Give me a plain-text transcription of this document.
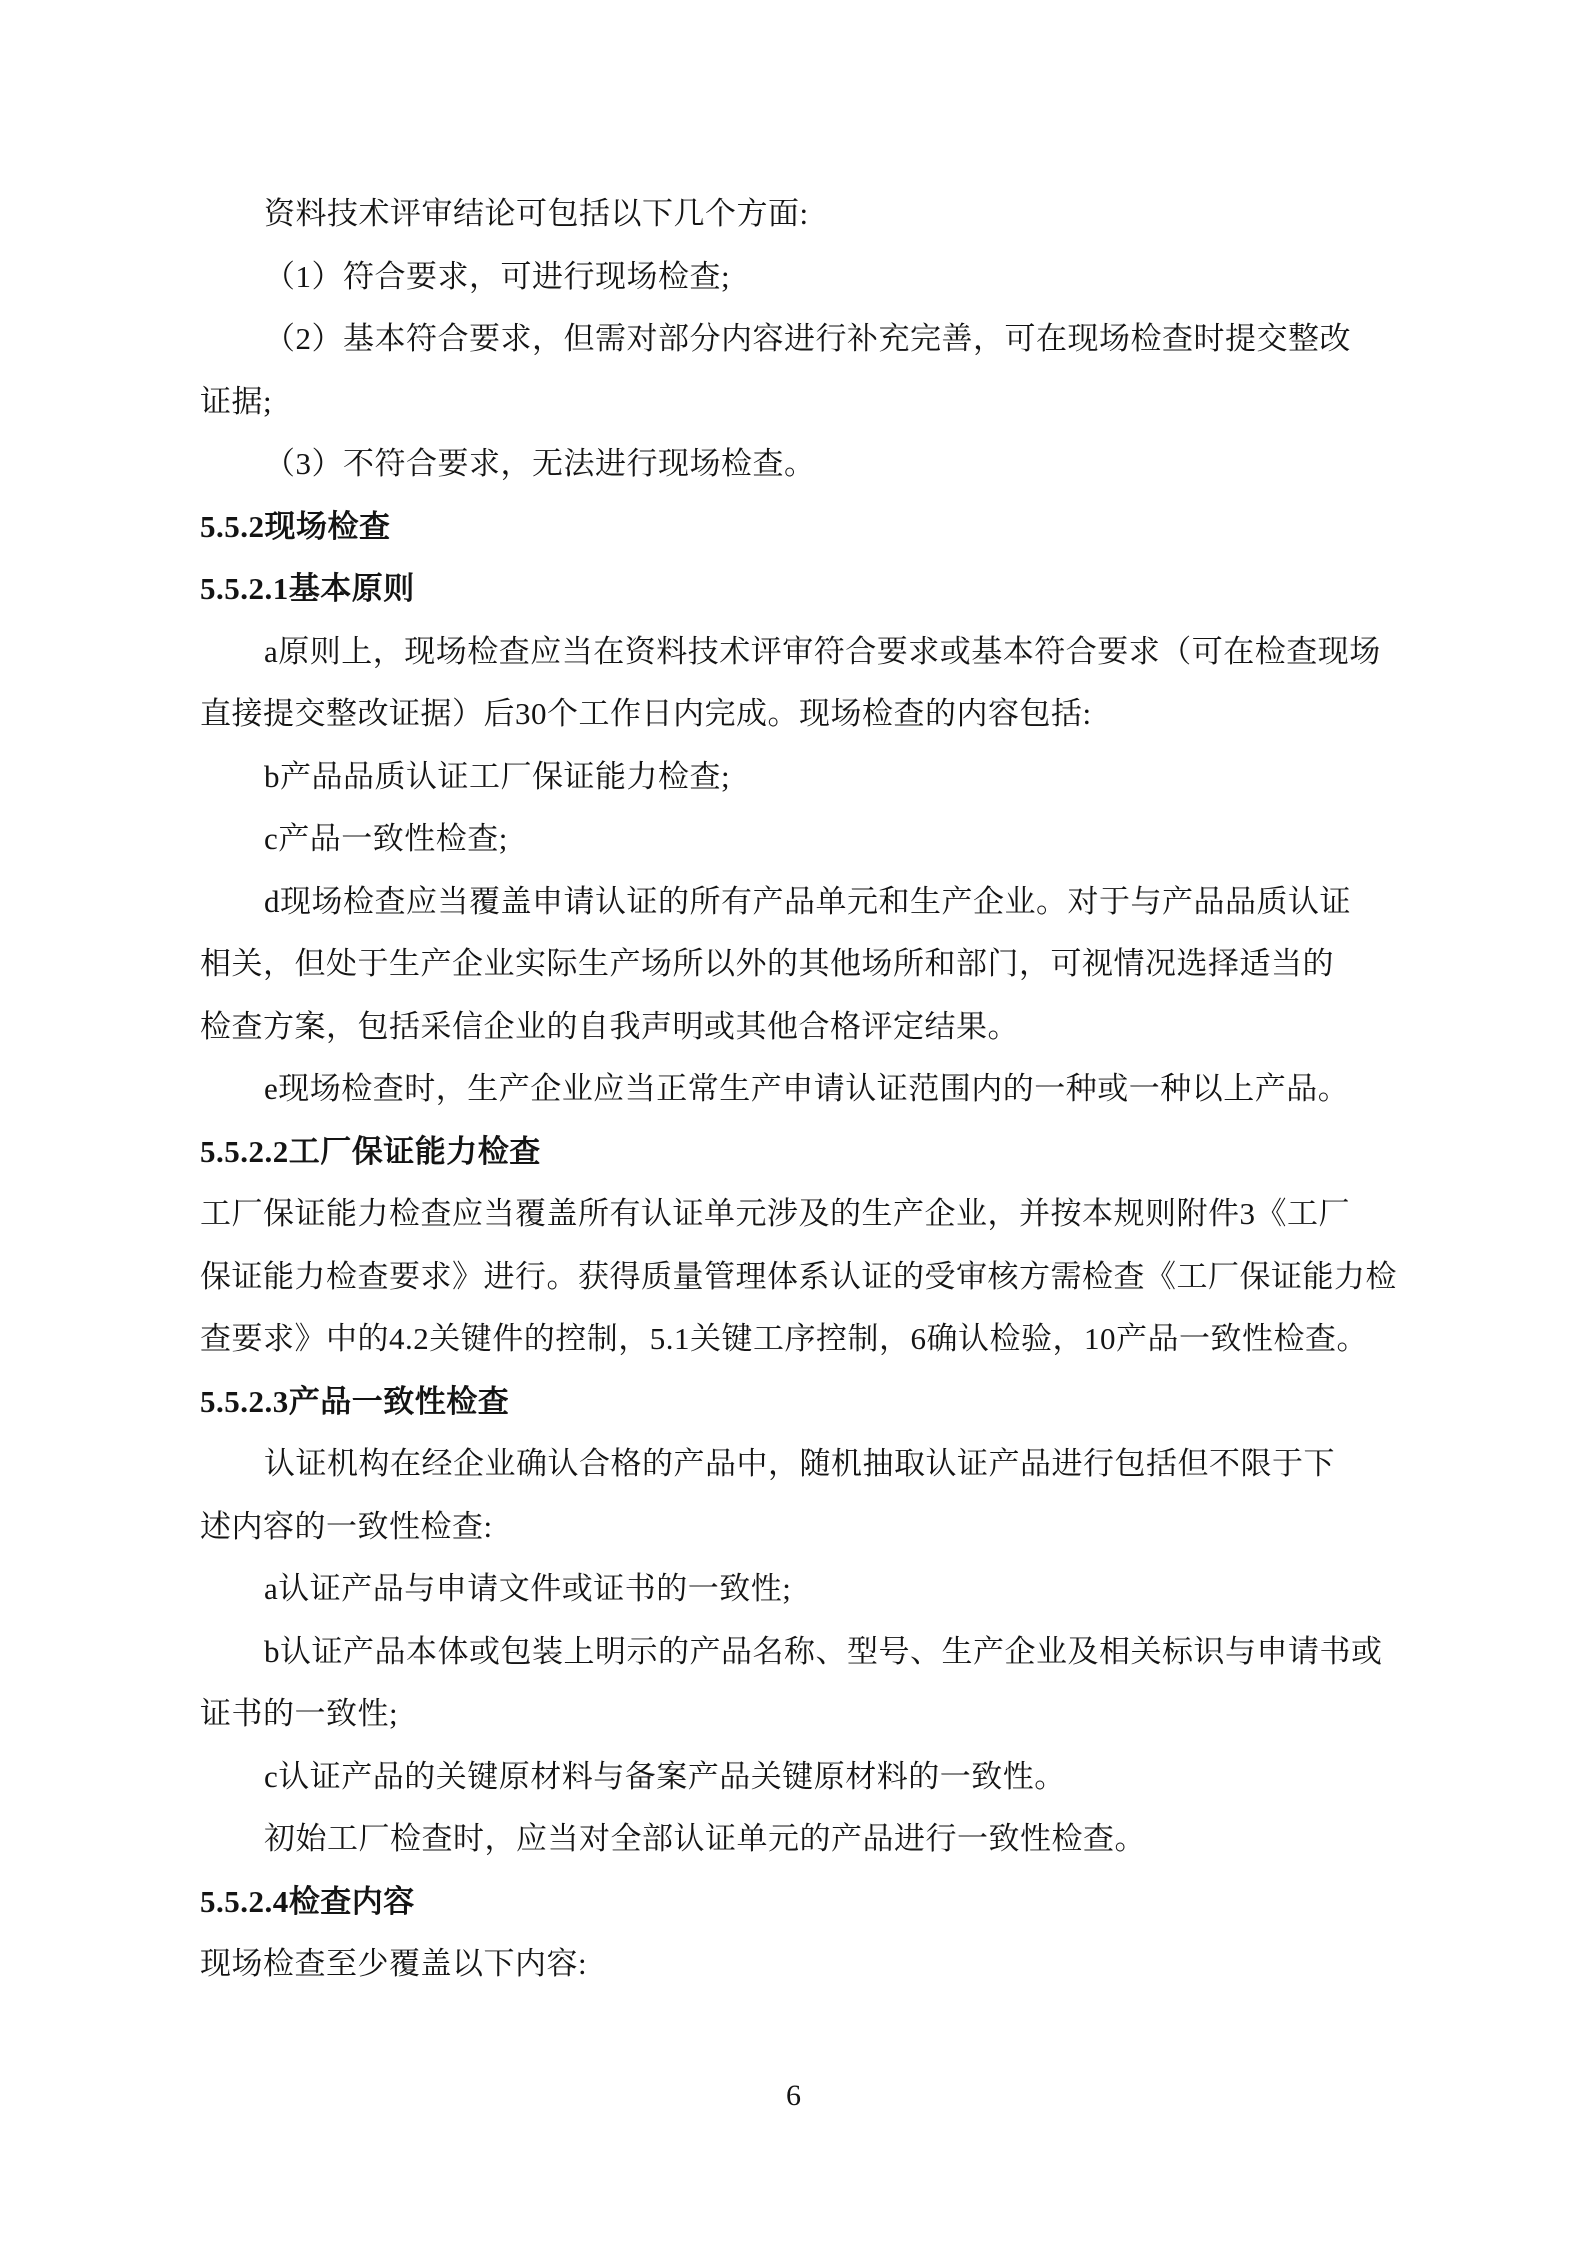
资料技术评审结论可包括以下几个方面:
（1）符合要求，可进行现场检查;
（2）基本符合要求，但需对部分内容进行补充完善，可在现场检查时提交整改
证据;
（3）不符合要求，无法进行现场检查。
5.5.2现场检查
5.5.2.1基本原则
a原则上，现场检查应当在资料技术评审符合要求或基本符合要求（可在检查现场
直接提交整改证据）后30个工作日内完成。现场检查的内容包括:
b产品品质认证工厂保证能力检查;
c产品一致性检查;
d现场检查应当覆盖申请认证的所有产品单元和生产企业。对于与产品品质认证
相关，但处于生产企业实际生产场所以外的其他场所和部门，可视情况选择适当的
检查方案，包括采信企业的自我声明或其他合格评定结果。
e现场检查时，生产企业应当正常生产申请认证范围内的一种或一种以上产品。
5.5.2.2工厂保证能力检查
工厂保证能力检查应当覆盖所有认证单元涉及的生产企业，并按本规则附件3《工厂
保证能力检查要求》进行。获得质量管理体系认证的受审核方需检查《工厂保证能力检
查要求》中的4.2关键件的控制，5.1关键工序控制，6确认检验，10产品一致性检查。
5.5.2.3产品一致性检查
认证机构在经企业确认合格的产品中，随机抽取认证产品进行包括但不限于下
述内容的一致性检查:
a认证产品与申请文件或证书的一致性;
b认证产品本体或包装上明示的产品名称、型号、生产企业及相关标识与申请书或
证书的一致性;
c认证产品的关键原材料与备案产品关键原材料的一致性。
初始工厂检查时，应当对全部认证单元的产品进行一致性检查。
5.5.2.4检查内容
现场检查至少覆盖以下内容:
6
